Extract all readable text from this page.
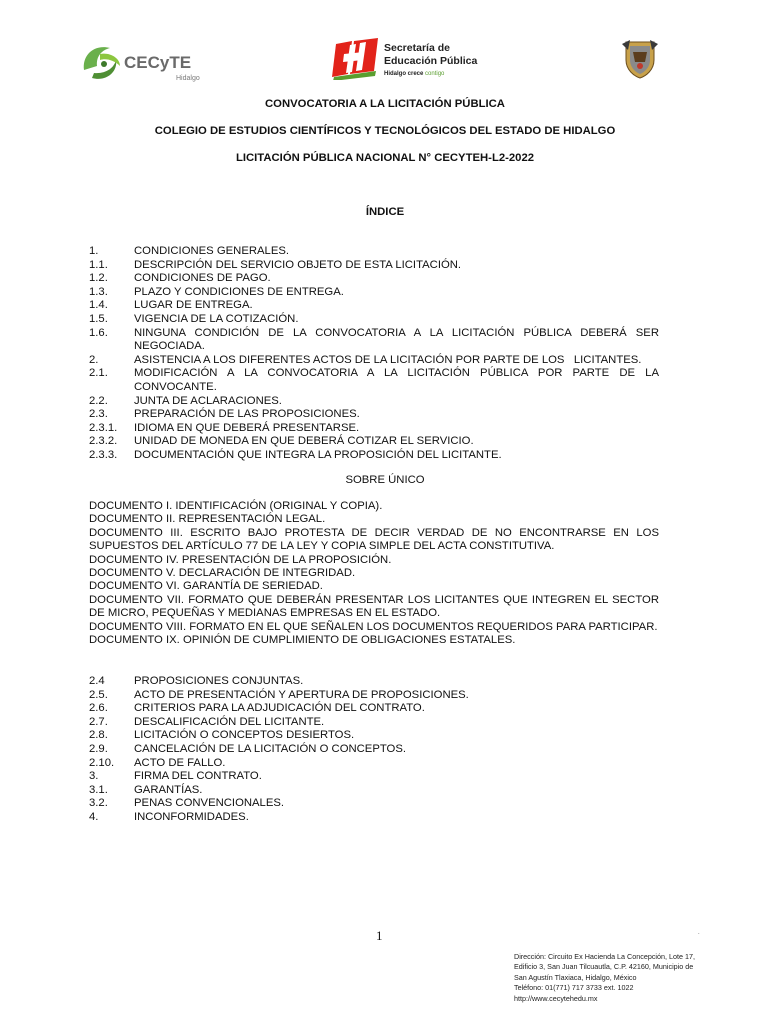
CECyTE
Hidalgo
Secretaría de
Educación Pública
Hidalgo crece contigo
CONVOCATORIA A LA LICITACIÓN PÚBLICA
COLEGIO DE ESTUDIOS CIENTÍFICOS Y TECNOLÓGICOS DEL ESTADO DE HIDALGO
LICITACIÓN PÚBLICA NACIONAL N° CECYTEH-L2-2022
ÍNDICE
1.	CONDICIONES GENERALES.
1.1.	DESCRIPCIÓN DEL SERVICIO OBJETO DE ESTA LICITACIÓN.
1.2.	CONDICIONES DE PAGO.
1.3.	PLAZO Y CONDICIONES DE ENTREGA.
1.4.	LUGAR DE ENTREGA.
1.5.	VIGENCIA DE LA COTIZACIÓN.
1.6.	NINGUNA CONDICIÓN DE LA CONVOCATORIA A LA LICITACIÓN PÚBLICA DEBERÁ SER NEGOCIADA.
2.	ASISTENCIA A LOS DIFERENTES ACTOS DE LA LICITACIÓN POR PARTE DE LOS   LICITANTES.
2.1.	MODIFICACIÓN A LA CONVOCATORIA A LA LICITACIÓN PÚBLICA POR PARTE DE LA CONVOCANTE.
2.2.	JUNTA DE ACLARACIONES.
2.3.	PREPARACIÓN DE LAS PROPOSICIONES.
2.3.1.	IDIOMA EN QUE DEBERÁ PRESENTARSE.
2.3.2.	UNIDAD DE MONEDA EN QUE DEBERÁ COTIZAR EL SERVICIO.
2.3.3.	DOCUMENTACIÓN QUE INTEGRA LA PROPOSICIÓN DEL LICITANTE.
SOBRE ÚNICO
DOCUMENTO I. IDENTIFICACIÓN (ORIGINAL Y COPIA).
DOCUMENTO II. REPRESENTACIÓN LEGAL.
DOCUMENTO III. ESCRITO BAJO PROTESTA DE DECIR VERDAD DE NO ENCONTRARSE EN LOS SUPUESTOS DEL ARTÍCULO 77 DE LA LEY Y COPIA SIMPLE DEL ACTA CONSTITUTIVA.
DOCUMENTO IV. PRESENTACIÓN DE LA PROPOSICIÓN.
DOCUMENTO V. DECLARACIÓN DE INTEGRIDAD.
DOCUMENTO VI. GARANTÍA DE SERIEDAD.
DOCUMENTO VII. FORMATO QUE DEBERÁN PRESENTAR LOS LICITANTES QUE INTEGREN EL SECTOR DE MICRO, PEQUEÑAS Y MEDIANAS EMPRESAS EN EL ESTADO.
DOCUMENTO VIII. FORMATO EN EL QUE SEÑALEN LOS DOCUMENTOS REQUERIDOS PARA PARTICIPAR.
DOCUMENTO IX. OPINIÓN DE CUMPLIMIENTO DE OBLIGACIONES ESTATALES.
2.4	PROPOSICIONES CONJUNTAS.
2.5.	ACTO DE PRESENTACIÓN Y APERTURA DE PROPOSICIONES.
2.6.	CRITERIOS PARA LA ADJUDICACIÓN DEL CONTRATO.
2.7.	DESCALIFICACIÓN DEL LICITANTE.
2.8.	LICITACIÓN O CONCEPTOS DESIERTOS.
2.9.	CANCELACIÓN DE LA LICITACIÓN O CONCEPTOS.
2.10.	ACTO DE FALLO.
3.	FIRMA DEL CONTRATO.
3.1.	GARANTÍAS.
3.2.	PENAS CONVENCIONALES.
4.	INCONFORMIDADES.
1	.
Dirección: Circuito Ex Hacienda La Concepción, Lote 17,
Edificio 3, San Juan Tilcuautla, C.P. 42160, Municipio de
San Agustín Tlaxiaca, Hidalgo, México
Teléfono: 01(771) 717 3733 ext. 1022
http://www.cecytehedu.mx
